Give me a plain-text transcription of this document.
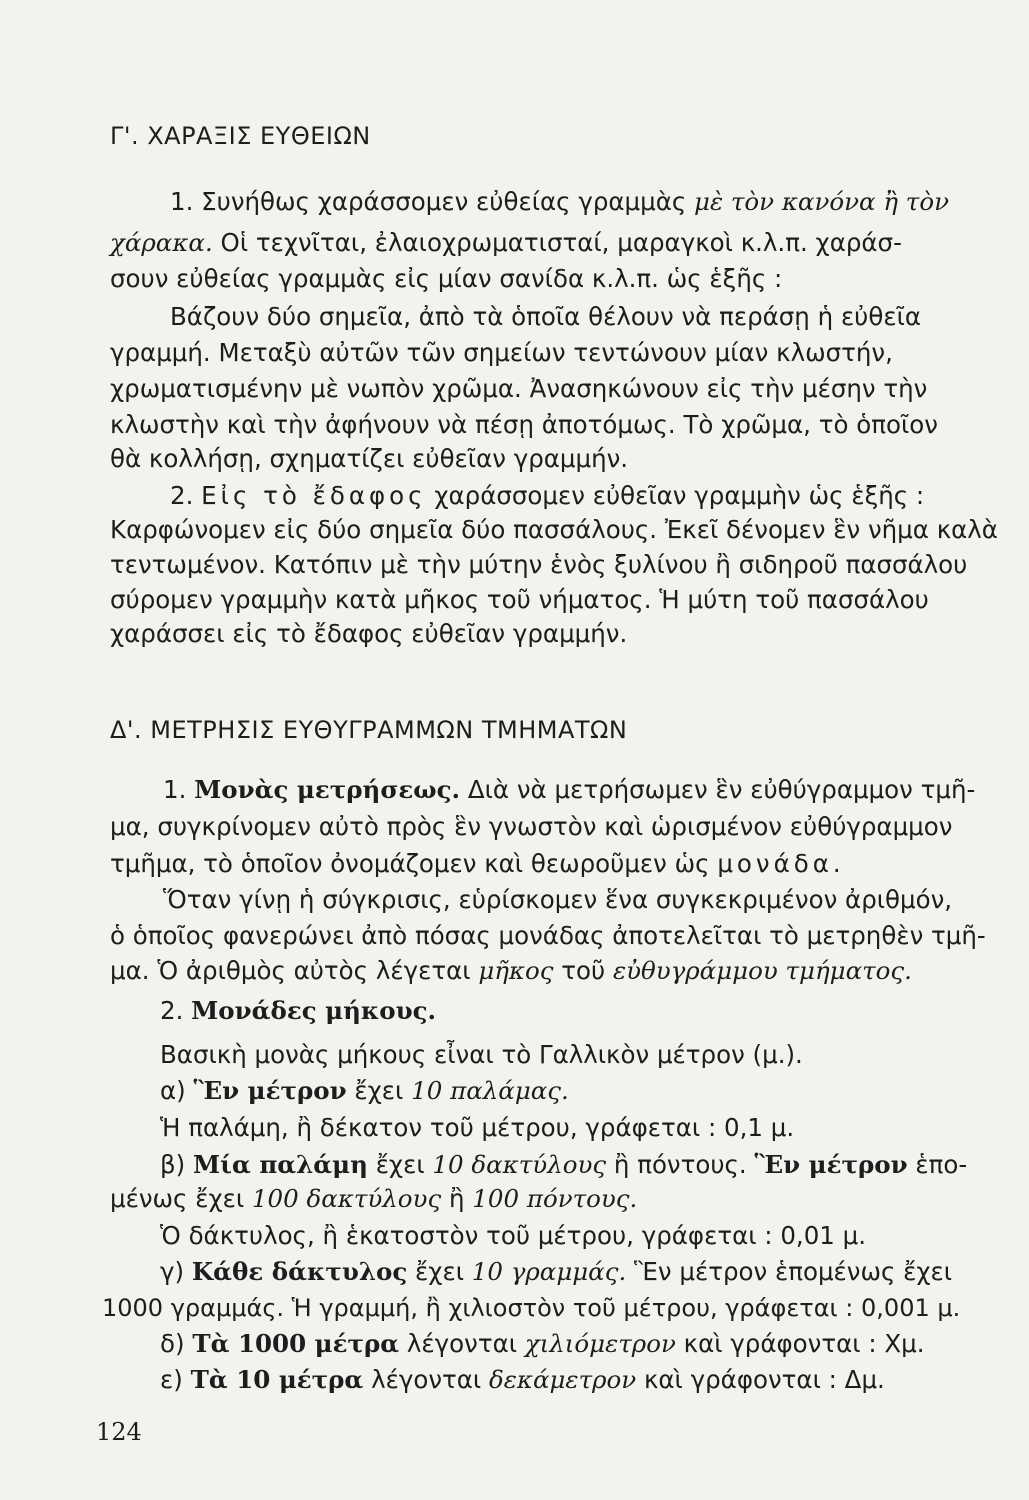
Γ'. ΧΑΡΑΞΙΣ ΕΥΘΕΙΩΝ
1. Συνήθως χαράσσομεν εὐθείας γραμμὰς μὲ τὸν κανόνα ἢ τὸν
χάρακα. Οἱ τεχνῖται, ἐλαιοχρωματισταί, μαραγκοὶ κ.λ.π. χαράσ-
σουν εὐθείας γραμμὰς εἰς μίαν σανίδα κ.λ.π. ὡς ἑξῆς :
Βάζουν δύο σημεῖα, ἀπὸ τὰ ὁποῖα θέλουν νὰ περάσῃ ἡ εὐθεῖα
γραμμή. Μεταξὺ αὐτῶν τῶν σημείων τεντώνουν μίαν κλωστήν,
χρωματισμένην μὲ νωπὸν χρῶμα. Ἀνασηκώνουν εἰς τὴν μέσην τὴν
κλωστὴν καὶ τὴν ἀφήνουν νὰ πέσῃ ἀποτόμως. Τὸ χρῶμα, τὸ ὁποῖον
θὰ κολλήσῃ, σχηματίζει εὐθεῖαν γραμμήν.
2. Εἰς τὸ ἔδαφος χαράσσομεν εὐθεῖαν γραμμὴν ὡς ἑξῆς :
Καρφώνομεν εἰς δύο σημεῖα δύο πασσάλους. Ἐκεῖ δένομεν ἓν νῆμα καλὰ
τεντωμένον. Κατόπιν μὲ τὴν μύτην ἑνὸς ξυλίνου ἢ σιδηροῦ πασσάλου
σύρομεν γραμμὴν κατὰ μῆκος τοῦ νήματος. Ἡ μύτη τοῦ πασσάλου
χαράσσει εἰς τὸ ἔδαφος εὐθεῖαν γραμμήν.
Δ'. ΜΕΤΡΗΣΙΣ ΕΥΘΥΓΡΑΜΜΩΝ ΤΜΗΜΑΤΩΝ
1. Μονὰς μετρήσεως. Διὰ νὰ μετρήσωμεν ἓν εὐθύγραμμον τμῆ-
μα, συγκρίνομεν αὐτὸ πρὸς ἓν γνωστὸν καὶ ὡρισμένον εὐθύγραμμον
τμῆμα, τὸ ὁποῖον ὀνομάζομεν καὶ θεωροῦμεν ὡς μονάδα.
Ὅταν γίνῃ ἡ σύγκρισις, εὑρίσκομεν ἕνα συγκεκριμένον ἀριθμόν,
ὁ ὁποῖος φανερώνει ἀπὸ πόσας μονάδας ἀποτελεῖται τὸ μετρηθὲν τμῆ-
μα. Ὁ ἀριθμὸς αὐτὸς λέγεται μῆκος τοῦ εὐθυγράμμου τμήματος.
2. Μονάδες μήκους.
Βασικὴ μονὰς μήκους εἶναι τὸ Γαλλικὸν μέτρον (μ.).
α) Ἓν μέτρον ἔχει 10 παλάμας.
Ἡ παλάμη, ἢ δέκατον τοῦ μέτρου, γράφεται : 0,1 μ.
β) Μία παλάμη ἔχει 10 δακτύλους ἢ πόντους. Ἓν μέτρον ἑπο-
μένως ἔχει 100 δακτύλους ἢ 100 πόντους.
Ὁ δάκτυλος, ἢ ἑκατοστὸν τοῦ μέτρου, γράφεται : 0,01 μ.
γ) Κάθε δάκτυλος ἔχει 10 γραμμάς. Ἓν μέτρον ἑπομένως ἔχει
1000 γραμμάς. Ἡ γραμμή, ἢ χιλιοστὸν τοῦ μέτρου, γράφεται : 0,001 μ.
δ) Τὰ 1000 μέτρα λέγονται χιλιόμετρον καὶ γράφονται : Χμ.
ε) Τὰ 10 μέτρα λέγονται δεκάμετρον καὶ γράφονται : Δμ.
124
